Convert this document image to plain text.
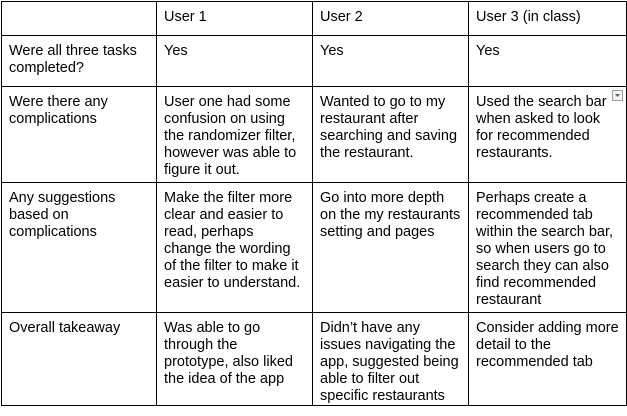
	User 1	User 2	User 3 (in class)
Were all three tasks completed?	Yes	Yes	Yes
Were there any complications	User one had some confusion on using the randomizer filter, however was able to figure it out.	Wanted to go to my restaurant after searching and saving the restaurant.	Used the search bar when asked to look for recommended restaurants.

Any suggestions based on complications	Make the filter more clear and easier to read, perhaps change the wording of the filter to make it easier to understand.	Go into more depth on the my restaurants setting and pages	Perhaps create a recommended tab within the search bar, so when users go to search they can also find recommended restaurant
Overall takeaway	Was able to go through the prototype, also liked the idea of the app	Didn’t have any issues navigating the app, suggested being able to filter out specific restaurants	Consider adding more detail to the recommended tab
